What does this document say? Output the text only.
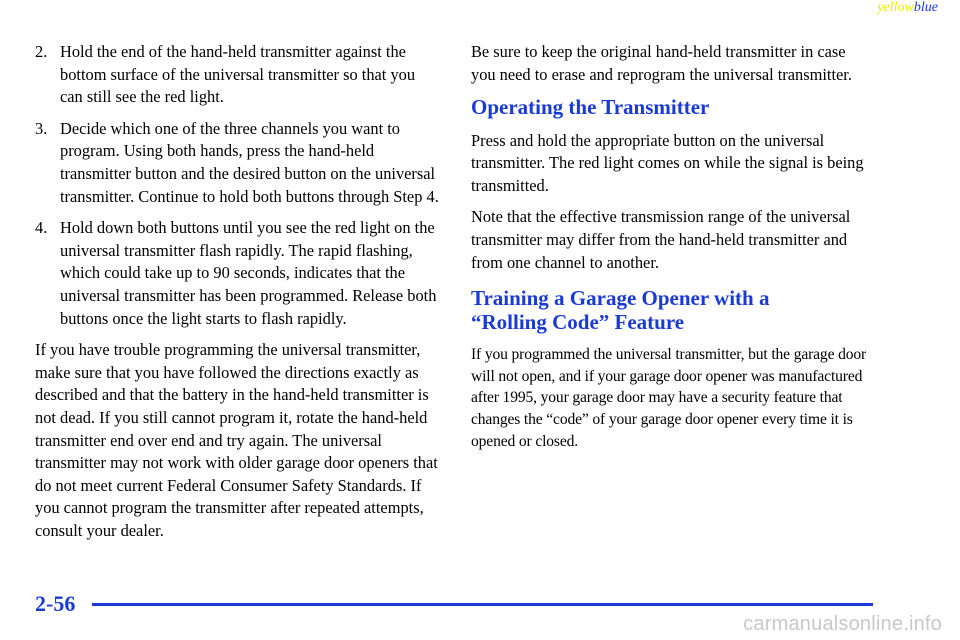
yellowblue
2. Hold the end of the hand‑held transmitter against the bottom surface of the universal transmitter so that you can still see the red light.
3. Decide which one of the three channels you want to program. Using both hands, press the hand‑held transmitter button and the desired button on the universal transmitter. Continue to hold both buttons through Step 4.
4. Hold down both buttons until you see the red light on the universal transmitter flash rapidly. The rapid flashing, which could take up to 90 seconds, indicates that the universal transmitter has been programmed. Release both buttons once the light starts to flash rapidly.

If you have trouble programming the universal transmitter, make sure that you have followed the directions exactly as described and that the battery in the hand‑held transmitter is not dead. If you still cannot program it, rotate the hand‑held transmitter end over end and try again. The universal transmitter may not work with older garage door openers that do not meet current Federal Consumer Safety Standards. If you cannot program the transmitter after repeated attempts, consult your dealer.

Be sure to keep the original hand‑held transmitter in case you need to erase and reprogram the universal transmitter.

Operating the Transmitter

Press and hold the appropriate button on the universal transmitter. The red light comes on while the signal is being transmitted.

Note that the effective transmission range of the universal transmitter may differ from the hand‑held transmitter and from one channel to another.

Training a Garage Opener with a
“Rolling Code” Feature

If you programmed the universal transmitter, but the garage door will not open, and if your garage door opener was manufactured after 1995, your garage door may have a security feature that changes the “code” of your garage door opener every time it is opened or closed.

2-56
carmanualsonline.info
